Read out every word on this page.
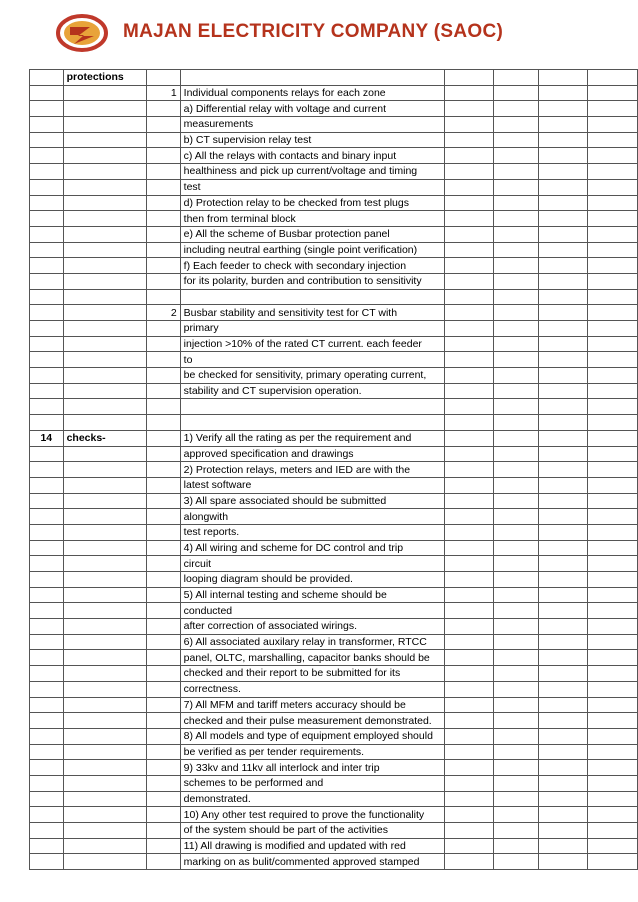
MAJAN ELECTRICITY COMPANY (SAOC)
	protections						
		1	Individual components relays for each zone				
			a) Differential relay with voltage and current				
			measurements				
			b) CT supervision relay test				
			c) All the relays with contacts and binary input				
			healthiness and pick up current/voltage and timing				
			test				
			d) Protection relay to be checked from test plugs				
			then from terminal block				
			e) All the scheme of Busbar protection panel				
			including neutral earthing (single point verification)				
			f) Each feeder to check with secondary injection				
			for its polarity, burden and contribution to sensitivity				

		2	Busbar stability and sensitivity test for CT with				
			primary				
			injection >10% of the rated CT current. each feeder				
			to				
			be checked for sensitivity, primary operating current,				
			stability and CT supervision operation.				

14	checks-		1) Verify all the rating as per the requirement and				
			approved specification and drawings				
			2) Protection relays, meters and IED are with the				
			latest software				
			3) All spare associated should be submitted				
			alongwith				
			test reports.				
			4) All wiring and scheme for DC control and trip				
			circuit				
			looping diagram should be provided.				
			5) All internal testing and scheme should be				
			conducted				
			after correction of associated wirings.				
			6) All associated auxilary relay in transformer, RTCC				
			panel, OLTC, marshalling, capacitor banks should be				
			checked and their report to be submitted for its				
			correctness.				
			7) All MFM and tariff meters accuracy should be				
			checked and their pulse measurement demonstrated.				
			8) All models and type of equipment employed should				
			be verified as per tender requirements.				
			9) 33kv and 11kv all interlock and inter trip				
			schemes to be performed and				
			demonstrated.				
			10) Any other test required to prove the functionality				
			of the system should be part of the activities				
			11) All drawing is modified and updated with red				
			marking on as bulit/commented approved stamped				
